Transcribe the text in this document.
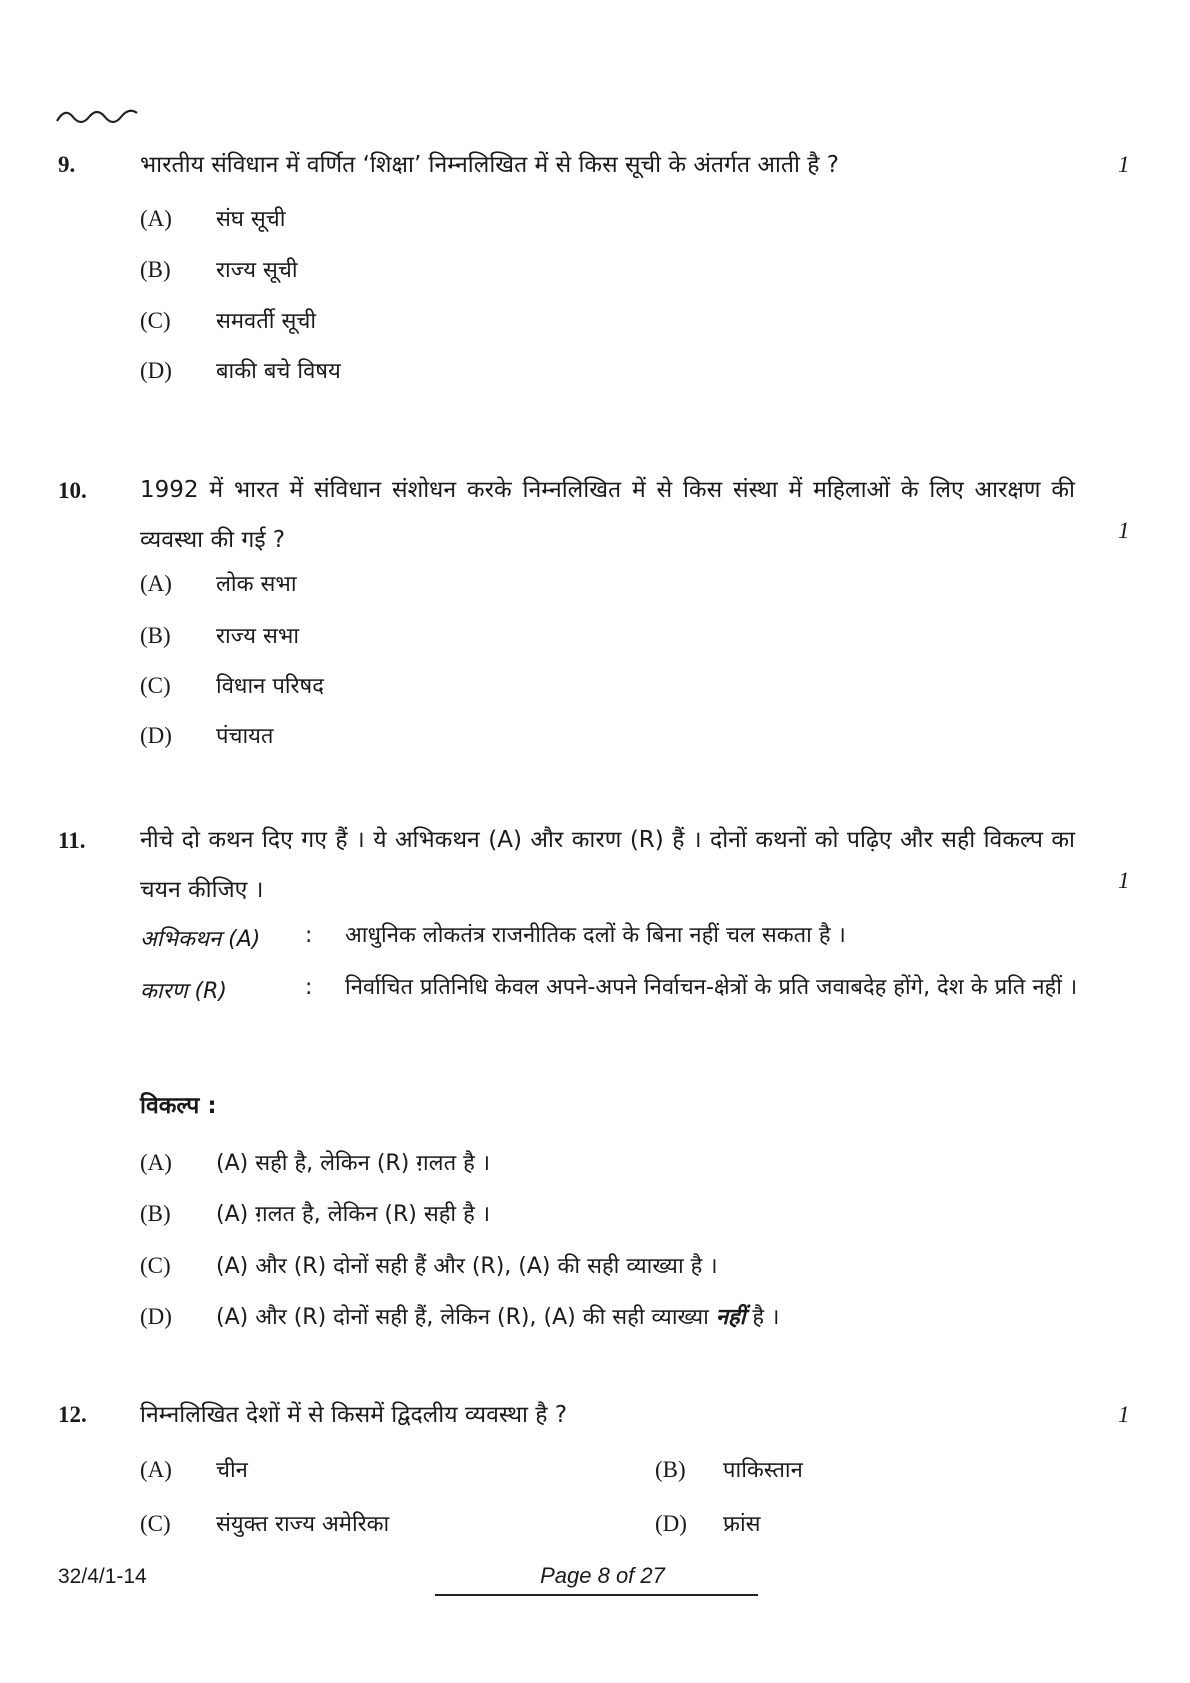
9.	भारतीय संविधान में वर्णित ‘शिक्षा’ निम्नलिखित में से किस सूची के अंतर्गत आती है ?	1
(A) संघ सूची
(B) राज्य सूची
(C) समवर्ती सूची
(D) बाकी बचे विषय
10. 1992 में भारत में संविधान संशोधन करके निम्नलिखित में से किस संस्था में महिलाओं के लिए आरक्षण की व्यवस्था की गई ?	1
(A) लोक सभा
(B) राज्य सभा
(C) विधान परिषद
(D) पंचायत
11. नीचे दो कथन दिए गए हैं । ये अभिकथन (A) और कारण (R) हैं । दोनों कथनों को पढ़िए और सही विकल्प का चयन कीजिए ।	1
अभिकथन (A) : आधुनिक लोकतंत्र राजनीतिक दलों के बिना नहीं चल सकता है ।
कारण (R)	: निर्वाचित प्रतिनिधि केवल अपने-अपने निर्वाचन-क्षेत्रों के प्रति जवाबदेह होंगे, देश के प्रति नहीं ।
विकल्प :
(A) (A) सही है, लेकिन (R) ग़लत है ।
(B) (A) ग़लत है, लेकिन (R) सही है ।
(C) (A) और (R) दोनों सही हैं और (R), (A) की सही व्याख्या है ।
(D) (A) और (R) दोनों सही हैं, लेकिन (R), (A) की सही व्याख्या नहीं है ।
12. निम्नलिखित देशों में से किसमें द्विदलीय व्यवस्था है ?	1
(A) चीन	(B) पाकिस्तान
(C) संयुक्त राज्य अमेरिका	(D) फ्रांस
32/4/1-14	Page 8 of 27
